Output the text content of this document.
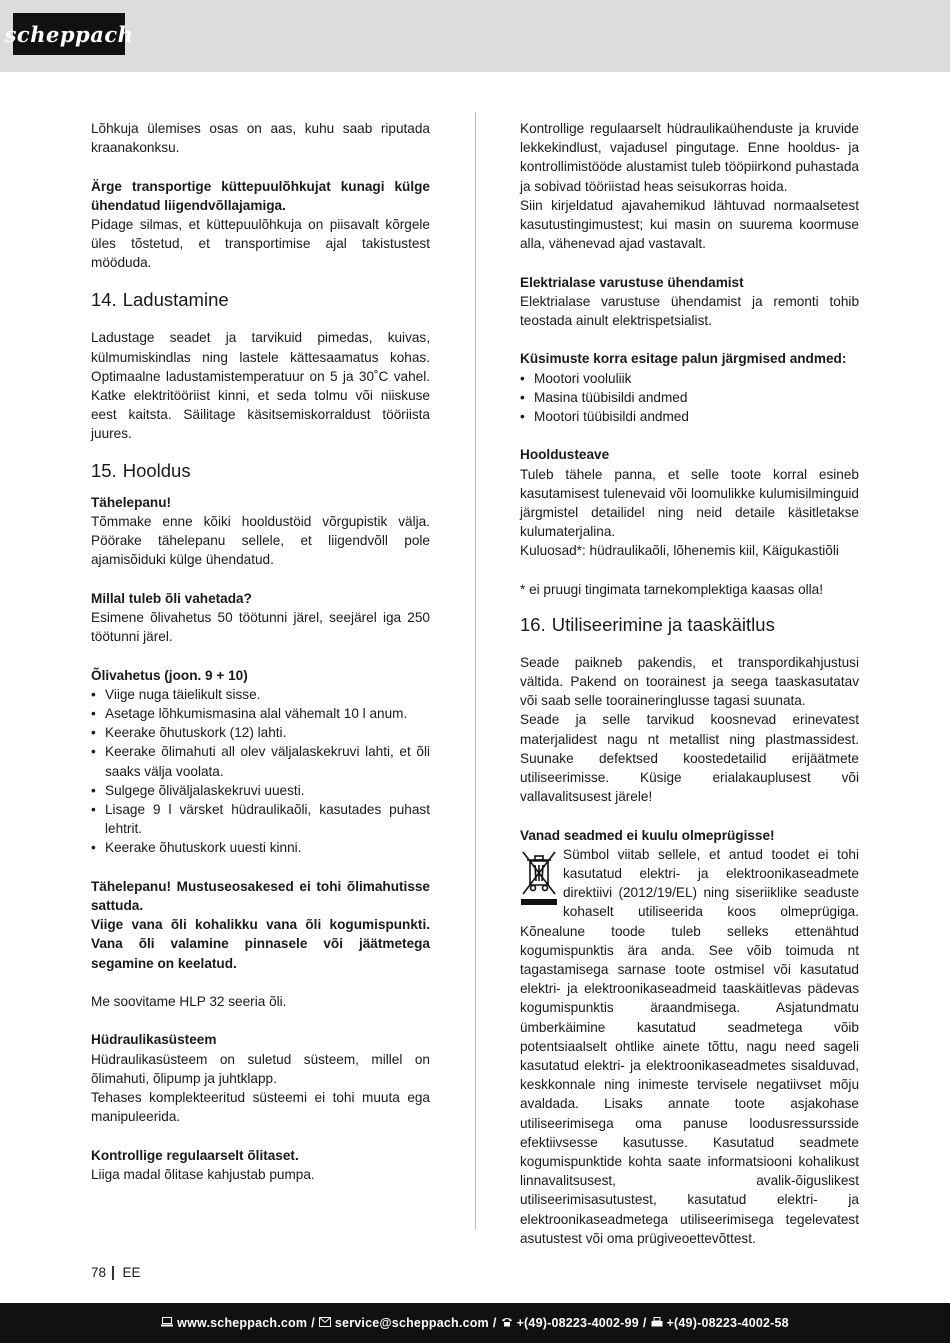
scheppach

Lõhkuja ülemises osas on aas, kuhu saab riputada kraanakonksu.

Ärge transportige küttepuulõhkujat kunagi külge ühendatud liigendvõllajamiga.

Pidage silmas, et küttepuulõhkuja on piisavalt kõrgele üles tõstetud, et transportimise ajal takistustest mööduda.

14. Ladustamine

Ladustage seadet ja tarvikuid pimedas, kuivas, külmumiskindlas ning lastele kättesaamatus kohas. Optimaalne ladustamistemperatuur on 5 ja 30˚C vahel. Katke elektritööriist kinni, et seda tolmu või niiskuse eest kaitsta. Säilitage käsitsemiskorraldust tööriista juures.

15. Hooldus

Tähelepanu!

Tõmmake enne kõiki hooldustöid võrgupistik välja. Pöörake tähelepanu sellele, et liigendvõll pole ajamisõiduki külge ühendatud.

Millal tuleb õli vahetada?

Esimene õlivahetus 50 töötunni järel, seejärel iga 250 töötunni järel.

Õlivahetus (joon. 9 + 10)

• Viige nuga täielikult sisse.
• Asetage lõhkumismasina alal vähemalt 10 l anum.
• Keerake õhutuskork (12) lahti.
• Keerake õlimahuti all olev väljalaskekruvi lahti, et õli saaks välja voolata.
• Sulgege õliväljalaskekruvi uuesti.
• Lisage 9 l värsket hüdraulikaõli, kasutades puhast lehtrit.
• Keerake õhutuskork uuesti kinni.

Tähelepanu! Mustuseosakesed ei tohi õlimahutisse sattuda.

Viige vana õli kohalikku vana õli kogumispunkti. Vana õli valamine pinnasele või jäätmetega segamine on keelatud.

Me soovitame HLP 32 seeria õli.

Hüdraulikasüsteem

Hüdraulikasüsteem on suletud süsteem, millel on õlimahuti, õlipump ja juhtklapp.

Tehases komplekteeritud süsteemi ei tohi muuta ega manipuleerida.

Kontrollige regulaarselt õlitaset.

Liiga madal õlitase kahjustab pumpa.

Kontrollige regulaarselt hüdraulikaühenduste ja kruvide lekkekindlust, vajadusel pingutage. Enne hooldus- ja kontrollimistööde alustamist tuleb tööpiirkond puhastada ja sobivad tööriistad heas seisukorras hoida.

Siin kirjeldatud ajavahemikud lähtuvad normaalsetest kasutustingimustest; kui masin on suurema koormuse alla, vähenevad ajad vastavalt.

Elektrialase varustuse ühendamist

Elektrialase varustuse ühendamist ja remonti tohib teostada ainult elektrispetsialist.

Küsimuste korra esitage palun järgmised andmed:

• Mootori vooluliik
• Masina tüübisildi andmed
• Mootori tüübisildi andmed

Hooldusteave

Tuleb tähele panna, et selle toote korral esineb kasutamisest tulenevaid või loomulikke kulumisilminguid järgmistel detailidel ning neid detaile käsitletakse kulumaterjalina.

Kuluosad*: hüdraulikaõli, lõhenemis kiil, Käigukastiõli

* ei pruugi tingimata tarnekomplektiga kaasas olla!

16. Utiliseerimine ja taaskäitlus

Seade paikneb pakendis, et transpordikahjustusi vältida. Pakend on toorainest ja seega taaskasutatav või saab selle tooraineringlusse tagasi suunata.

Seade ja selle tarvikud koosnevad erinevatest materjalidest nagu nt metallist ning plastmassidest. Suunake defektsed koostedetailid erijäätmete utiliseerimisse. Küsige erialakauplusest või vallavalitsusest järele!

Vanad seadmed ei kuulu olmeprügisse!

Sümbol viitab sellele, et antud toodet ei tohi kasutatud elektri- ja elektroonikaseadmete direktiivi (2012/19/EL) ning siseriiklike seaduste kohaselt utiliseerida koos olmeprügiga. Kõnealune toode tuleb selleks ettenähtud kogumispunktis ära anda. See võib toimuda nt tagastamisega sarnase toote ostmisel või kasutatud elektri- ja elektroonikaseadmeid taaskäitlevas pädevas kogumispunktis äraandmisega. Asjatundmatu ümberkäimine kasutatud seadmetega võib potentsiaalselt ohtlike ainete tõttu, nagu need sageli kasutatud elektri- ja elektroonikaseadmetes sisalduvad, keskkonnale ning inimeste tervisele negatiivset mõju avaldada. Lisaks annate toote asjakohase utiliseerimisega oma panuse loodusressursside efektiivsesse kasutusse. Kasutatud seadmete kogumispunktide kohta saate informatsiooni kohalikust linnavalitsusest, avalik-õiguslikest utiliseerimisasutustest, kasutatud elektri- ja elektroonikaseadmetega utiliseerimisega tegelevatest asutustest või oma prügiveoettevõttest.

78 EE
www.scheppach.com / service@scheppach.com / +(49)-08223-4002-99 / +(49)-08223-4002-58
